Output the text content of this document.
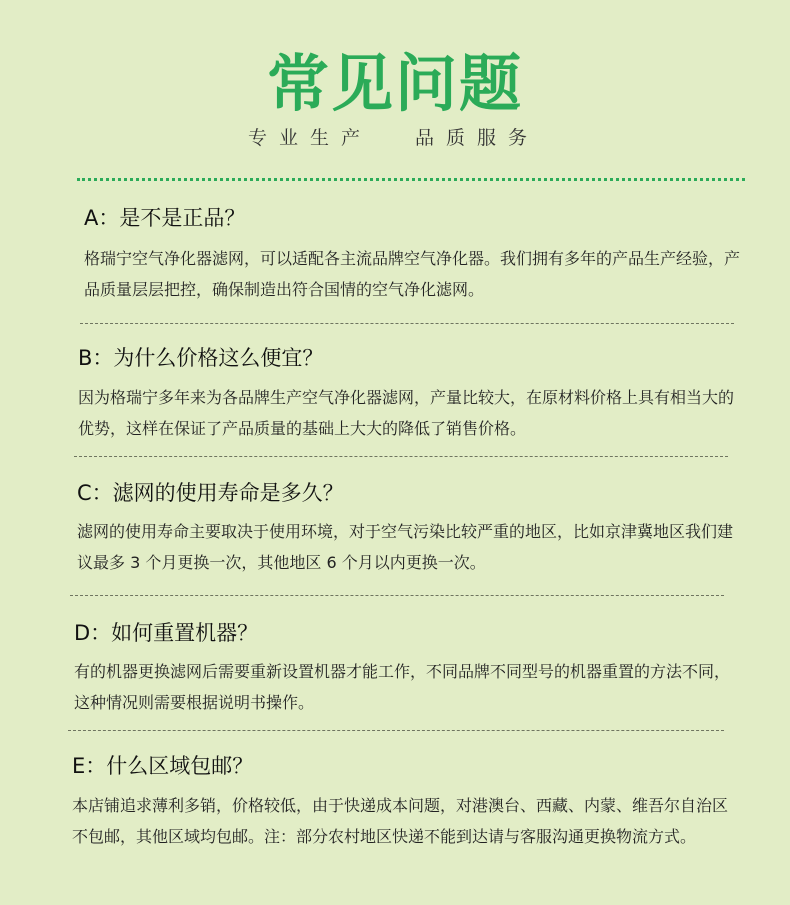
常见问题
专业生产 品质服务
A：是不是正品？
格瑞宁空气净化器滤网，可以适配各主流品牌空气净化器。我们拥有多年的产品生产经验，产品质量层层把控，确保制造出符合国情的空气净化滤网。
B：为什么价格这么便宜？
因为格瑞宁多年来为各品牌生产空气净化器滤网，产量比较大，在原材料价格上具有相当大的优势，这样在保证了产品质量的基础上大大的降低了销售价格。
C：滤网的使用寿命是多久？
滤网的使用寿命主要取决于使用环境，对于空气污染比较严重的地区，比如京津冀地区我们建议最多 3 个月更换一次，其他地区 6 个月以内更换一次。
D：如何重置机器？
有的机器更换滤网后需要重新设置机器才能工作，不同品牌不同型号的机器重置的方法不同，这种情况则需要根据说明书操作。
E：什么区域包邮？
本店铺追求薄利多销，价格较低，由于快递成本问题，对港澳台、西藏、内蒙、维吾尔自治区不包邮，其他区域均包邮。注：部分农村地区快递不能到达请与客服沟通更换物流方式。
